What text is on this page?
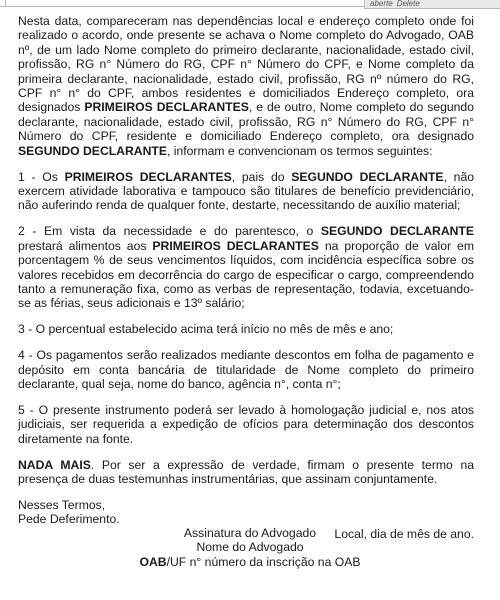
aberte Delete

Nesta data, compareceram nas dependências local e endereço completo onde foi realizado o acordo, onde presente se achava o Nome completo do Advogado, OAB nº, de um lado Nome completo do primeiro declarante, nacionalidade, estado civil, profissão, RG n° Número do RG, CPF n° Número do CPF, e Nome completo da primeira declarante, nacionalidade, estado civil, profissão, RG nº número do RG, CPF n° n° do CPF, ambos residentes e domiciliados Endereço completo, ora designados PRIMEIROS DECLARANTES, e de outro, Nome completo do segundo declarante, nacionalidade, estado civil, profissão, RG n° Número do RG, CPF n° Número do CPF, residente e domiciliado Endereço completo, ora designado SEGUNDO DECLARANTE, informam e convencionam os termos seguintes:

1 - Os PRIMEIROS DECLARANTES, pais do SEGUNDO DECLARANTE, não exercem atividade laborativa e tampouco são titulares de benefício previdenciário, não auferindo renda de qualquer fonte, destarte, necessitando de auxílio material;

2 - Em vista da necessidade e do parentesco, o SEGUNDO DECLARANTE prestará alimentos aos PRIMEIROS DECLARANTES na proporção de valor em porcentagem % de seus vencimentos líquidos, com incidência específica sobre os valores recebidos em decorrência do cargo de especificar o cargo, compreendendo tanto a remuneração fixa, como as verbas de representação, todavia, excetuando-se as férias, seus adicionais e 13º salário;

3 - O percentual estabelecido acima terá início no mês de mês e ano;

4 - Os pagamentos serão realizados mediante descontos em folha de pagamento e depósito em conta bancária de titularidade de Nome completo do primeiro declarante, qual seja, nome do banco, agência n°, conta n°;

5 - O presente instrumento poderá ser levado à homologação judicial e, nos atos judiciais, ser requerida a expedição de ofícios para determinação dos descontos diretamente na fonte.

NADA MAIS. Por ser a expressão de verdade, firmam o presente termo na presença de duas testemunhas instrumentárias, que assinam conjuntamente.

Nesses Termos,
Pede Deferimento.

Local, dia de mês de ano.

Assinatura do Advogado
Nome do Advogado
OAB/UF n° número da inscrição na OAB
